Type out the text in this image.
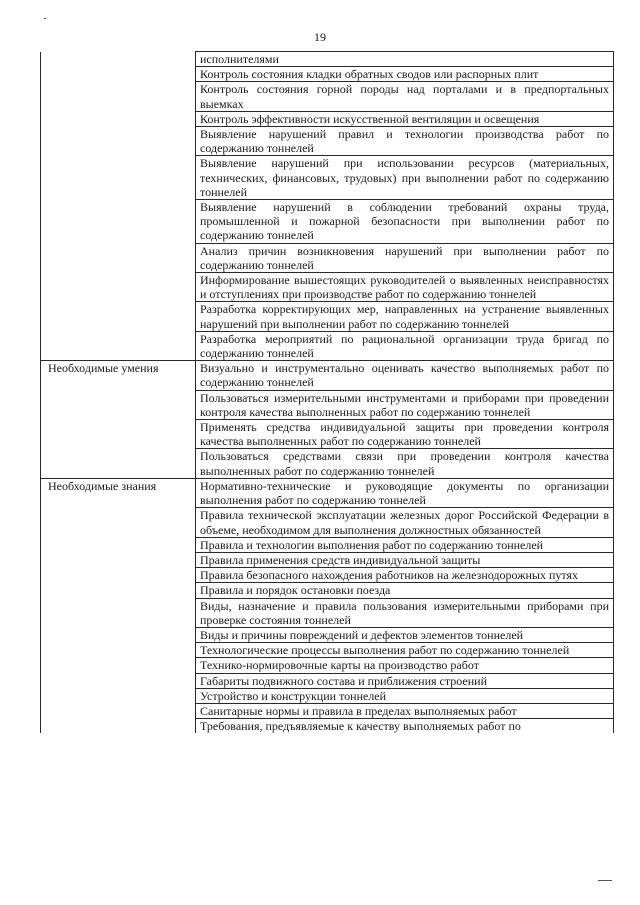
19
	исполнителями
	Контроль состояния кладки обратных сводов или распорных плит
	Контроль состояния горной породы над порталами и в предпортальных выемках
	Контроль эффективности искусственной вентиляции и освещения
	Выявление нарушений правил и технологии производства работ по содержанию тоннелей
	Выявление нарушений при использовании ресурсов (материальных, технических, финансовых, трудовых) при выполнении работ по содержанию тоннелей
	Выявление нарушений в соблюдении требований охраны труда, промышленной и пожарной безопасности при выполнении работ по содержанию тоннелей
	Анализ причин возникновения нарушений при выполнении работ по содержанию тоннелей
	Информирование вышестоящих руководителей о выявленных неисправностях и отступлениях при производстве работ по содержанию тоннелей
	Разработка корректирующих мер, направленных на устранение выявленных нарушений при выполнении работ по содержанию тоннелей
	Разработка мероприятий по рациональной организации труда бригад по содержанию тоннелей
Необходимые умения	Визуально и инструментально оценивать качество выполняемых работ по содержанию тоннелей
	Пользоваться измерительными инструментами и приборами при проведении контроля качества выполненных работ по содержанию тоннелей
	Применять средства индивидуальной защиты при проведении контроля качества выполненных работ по содержанию тоннелей
	Пользоваться средствами связи при проведении контроля качества выполненных работ по содержанию тоннелей
Необходимые знания	Нормативно-технические и руководящие документы по организации выполнения работ по содержанию тоннелей
	Правила технической эксплуатации железных дорог Российской Федерации в объеме, необходимом для выполнения должностных обязанностей
	Правила и технологии выполнения работ по содержанию тоннелей
	Правила применения средств индивидуальной защиты
	Правила безопасного нахождения работников на железнодорожных путях
	Правила и порядок остановки поезда
	Виды, назначение и правила пользования измерительными приборами при проверке состояния тоннелей
	Виды и причины повреждений и дефектов элементов тоннелей
	Технологические процессы выполнения работ по содержанию тоннелей
	Технико-нормировочные карты на производство работ
	Габариты подвижного состава и приближения строений
	Устройство и конструкции тоннелей
	Санитарные нормы и правила в пределах выполняемых работ
	Требования, предъявляемые к качеству выполняемых работ по
